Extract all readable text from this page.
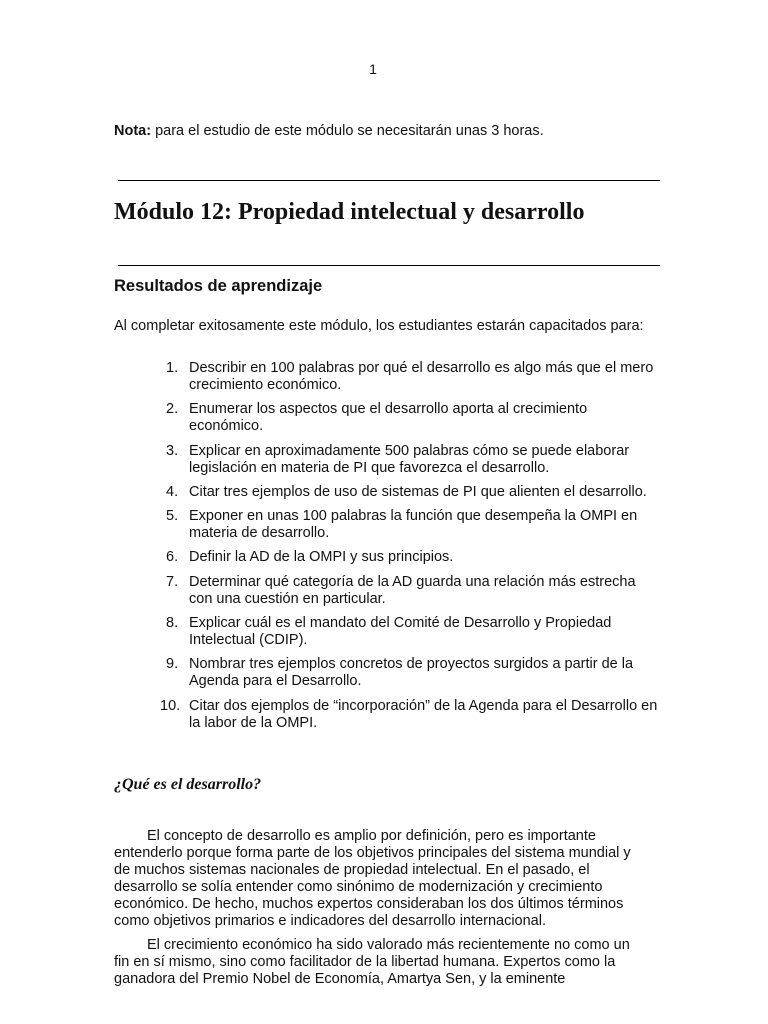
1
Nota: para el estudio de este módulo se necesitarán unas 3 horas.
Módulo 12: Propiedad intelectual y desarrollo
Resultados de aprendizaje

Al completar exitosamente este módulo, los estudiantes estarán capacitados para:

1. Describir en 100 palabras por qué el desarrollo es algo más que el mero crecimiento económico.
2. Enumerar los aspectos que el desarrollo aporta al crecimiento económico.
3. Explicar en aproximadamente 500 palabras cómo se puede elaborar legislación en materia de PI que favorezca el desarrollo.
4. Citar tres ejemplos de uso de sistemas de PI que alienten el desarrollo.
5. Exponer en unas 100 palabras la función que desempeña la OMPI en materia de desarrollo.
6. Definir la AD de la OMPI y sus principios.
7. Determinar qué categoría de la AD guarda una relación más estrecha con una cuestión en particular.
8. Explicar cuál es el mandato del Comité de Desarrollo y Propiedad Intelectual (CDIP).
9. Nombrar tres ejemplos concretos de proyectos surgidos a partir de la Agenda para el Desarrollo.
10. Citar dos ejemplos de “incorporación” de la Agenda para el Desarrollo en la labor de la OMPI.
¿Qué es el desarrollo?

El concepto de desarrollo es amplio por definición, pero es importante entenderlo porque forma parte de los objetivos principales del sistema mundial y de muchos sistemas nacionales de propiedad intelectual. En el pasado, el desarrollo se solía entender como sinónimo de modernización y crecimiento económico. De hecho, muchos expertos consideraban los dos últimos términos como objetivos primarios e indicadores del desarrollo internacional.

El crecimiento económico ha sido valorado más recientemente no como un fin en sí mismo, sino como facilitador de la libertad humana. Expertos como la ganadora del Premio Nobel de Economía, Amartya Sen, y la eminente
